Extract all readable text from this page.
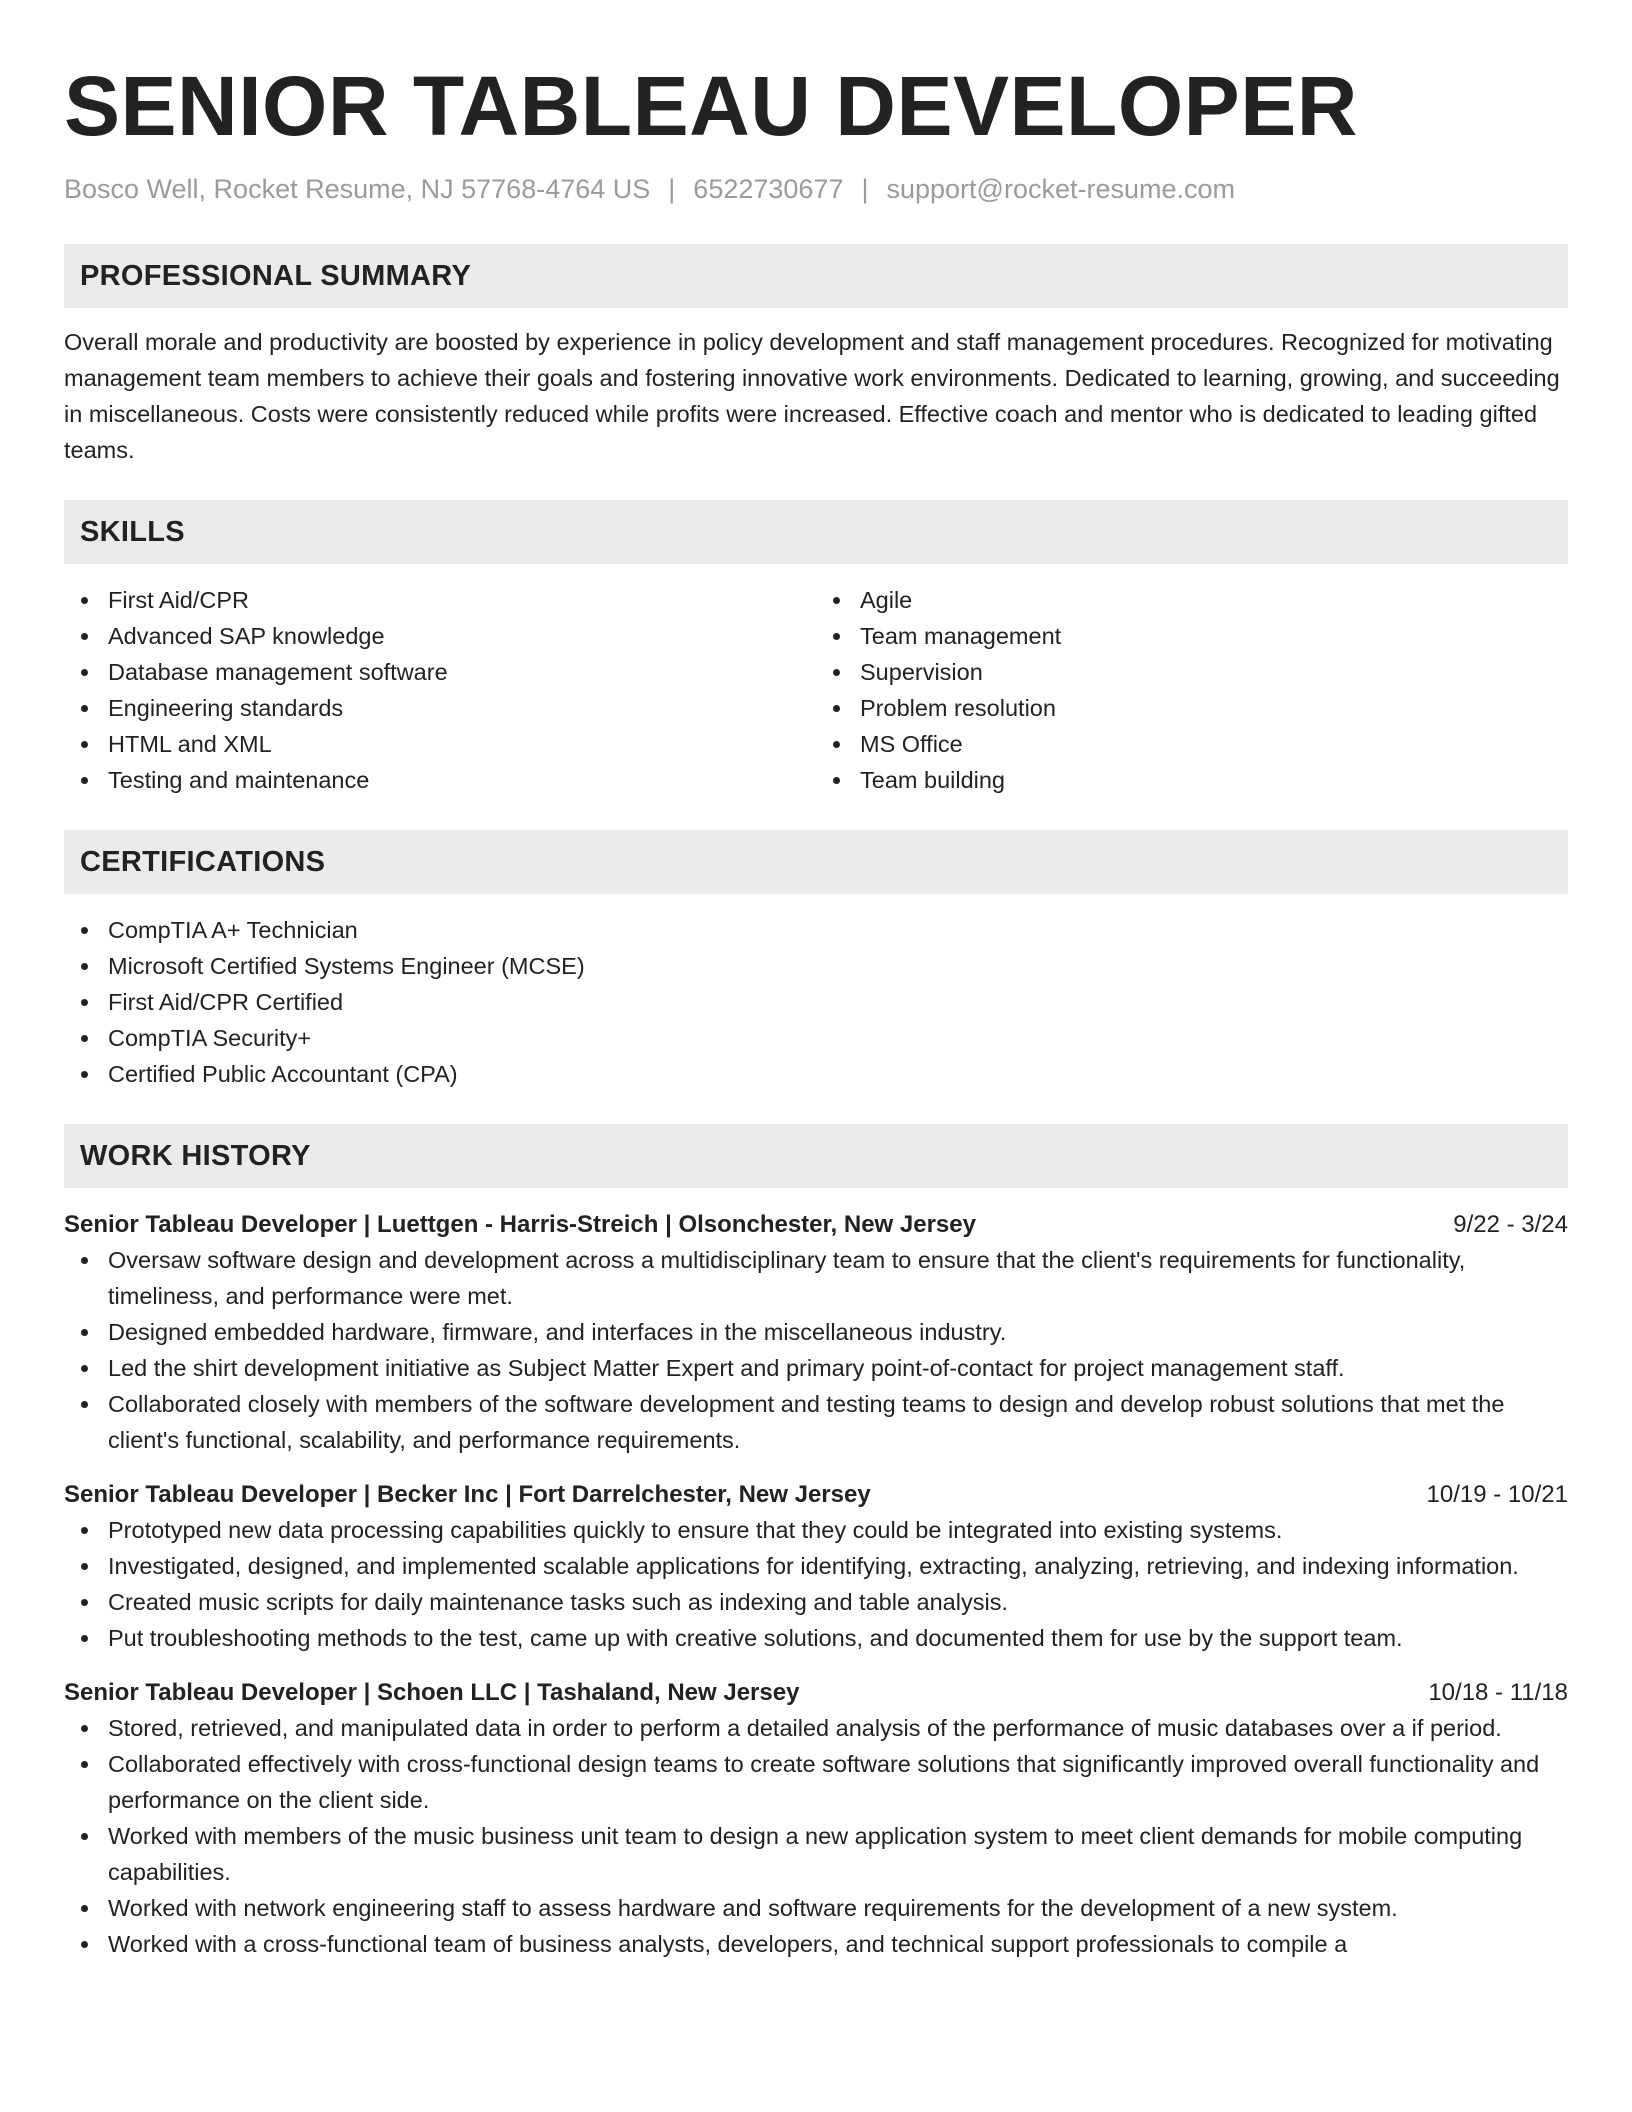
SENIOR TABLEAU DEVELOPER
Bosco Well, Rocket Resume, NJ 57768-4764 US | 6522730677 | support@rocket-resume.com
PROFESSIONAL SUMMARY

Overall morale and productivity are boosted by experience in policy development and staff management procedures. Recognized for motivating management team members to achieve their goals and fostering innovative work environments. Dedicated to learning, growing, and succeeding in miscellaneous. Costs were consistently reduced while profits were increased. Effective coach and mentor who is dedicated to leading gifted teams.

SKILLS
First Aid/CPR
Advanced SAP knowledge
Database management software
Engineering standards
HTML and XML
Testing and maintenance
Agile
Team management
Supervision
Problem resolution
MS Office
Team building
CERTIFICATIONS
CompTIA A+ Technician
Microsoft Certified Systems Engineer (MCSE)
First Aid/CPR Certified
CompTIA Security+
Certified Public Accountant (CPA)
WORK HISTORY
Senior Tableau Developer | Luettgen - Harris-Streich | Olsonchester, New Jersey	9/22 - 3/24
Oversaw software design and development across a multidisciplinary team to ensure that the client's requirements for functionality, timeliness, and performance were met.
Designed embedded hardware, firmware, and interfaces in the miscellaneous industry.
Led the shirt development initiative as Subject Matter Expert and primary point-of-contact for project management staff.
Collaborated closely with members of the software development and testing teams to design and develop robust solutions that met the client's functional, scalability, and performance requirements.
Senior Tableau Developer | Becker Inc | Fort Darrelchester, New Jersey	10/19 - 10/21
Prototyped new data processing capabilities quickly to ensure that they could be integrated into existing systems.
Investigated, designed, and implemented scalable applications for identifying, extracting, analyzing, retrieving, and indexing information.
Created music scripts for daily maintenance tasks such as indexing and table analysis.
Put troubleshooting methods to the test, came up with creative solutions, and documented them for use by the support team.
Senior Tableau Developer | Schoen LLC | Tashaland, New Jersey	10/18 - 11/18
Stored, retrieved, and manipulated data in order to perform a detailed analysis of the performance of music databases over a if period.
Collaborated effectively with cross-functional design teams to create software solutions that significantly improved overall functionality and performance on the client side.
Worked with members of the music business unit team to design a new application system to meet client demands for mobile computing capabilities.
Worked with network engineering staff to assess hardware and software requirements for the development of a new system.
Worked with a cross-functional team of business analysts, developers, and technical support professionals to compile a
